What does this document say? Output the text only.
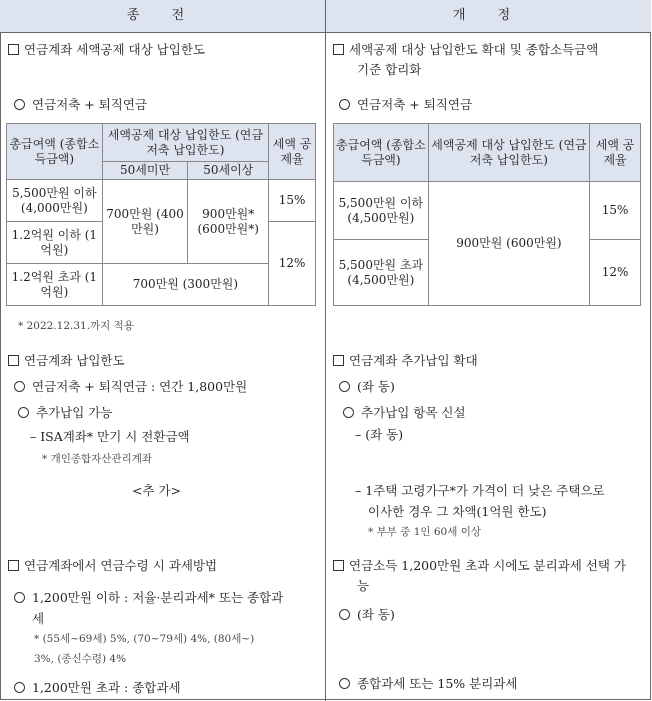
종 전	개 정
연금계좌 세액공제 대상 납입한도
연금저축 + 퇴직연금
총급여액 (종합소득금액)	세액공제 대상 납입한도 (연금저축 납입한도)		세액 공제율
	50세미만	50세이상	
5,500만원 이하 (4,000만원)	700만원 (400만원)	900만원* (600만원*)	15%
1.2억원 이하 (1억원)			12%
1.2억원 초과 (1억원)	700만원 (300만원)		
* 2022.12.31.까지 적용
연금계좌 납입한도
연금저축 + 퇴직연금 : 연간 1,800만원
추가납입 가능
– ISA계좌* 만기 시 전환금액
* 개인종합자산관리계좌
<추 가>
연금계좌에서 연금수령 시 과세방법
1,200만원 이하 : 저율·분리과세* 또는 종합과
세
* (55세~69세) 5%, (70~79세) 4%, (80세~)
3%, (종신수령) 4%
1,200만원 초과 : 종합과세
세액공제 대상 납입한도 확대 및 종합소득금액
기준 합리화
연금저축 + 퇴직연금
총급여액 (종합소득금액)	세액공제 대상 납입한도 (연금저축 납입한도)	세액 공제율
5,500만원 이하 (4,500만원)	900만원 (600만원)	15%
5,500만원 초과 (4,500만원)		12%
연금계좌 추가납입 확대
(좌 동)
추가납입 항목 신설
– (좌 동)
– 1주택 고령가구*가 가격이 더 낮은 주택으로
이사한 경우 그 차액(1억원 한도)
* 부부 중 1인 60세 이상
연금소득 1,200만원 초과 시에도 분리과세 선택 가
능
(좌 동)
종합과세 또는 15% 분리과세
